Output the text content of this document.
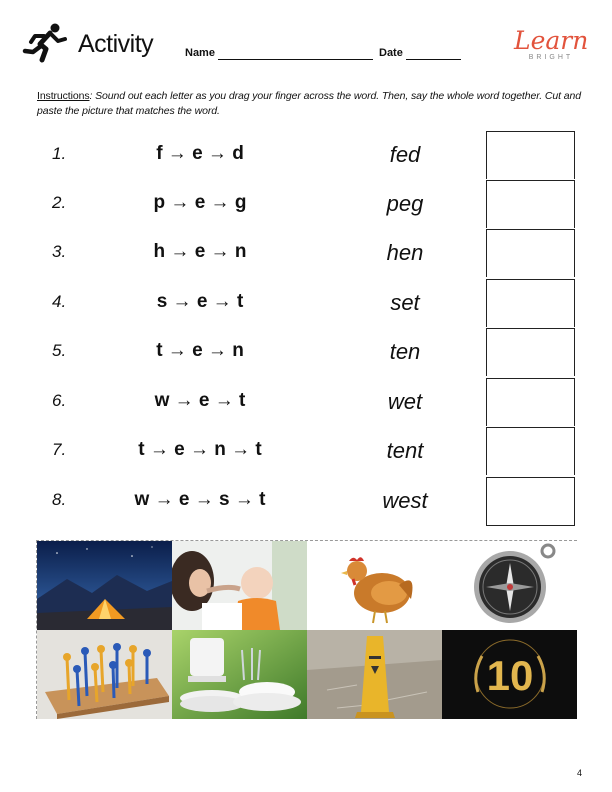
Activity	Name	Date	Learn
BRIGHT
Instructions: Sound out each letter as you drag your finger across the word. Then, say the whole word together. Cut and paste the picture that matches the word.
1.	f → e → d	fed
2.	p → e → g	peg
3.	h → e → n	hen
4.	s → e → t	set
5.	t → e → n	ten
6.	w → e → t	wet
7.	t → e → n → t	tent
8.	w → e → s → t	west
10
4
